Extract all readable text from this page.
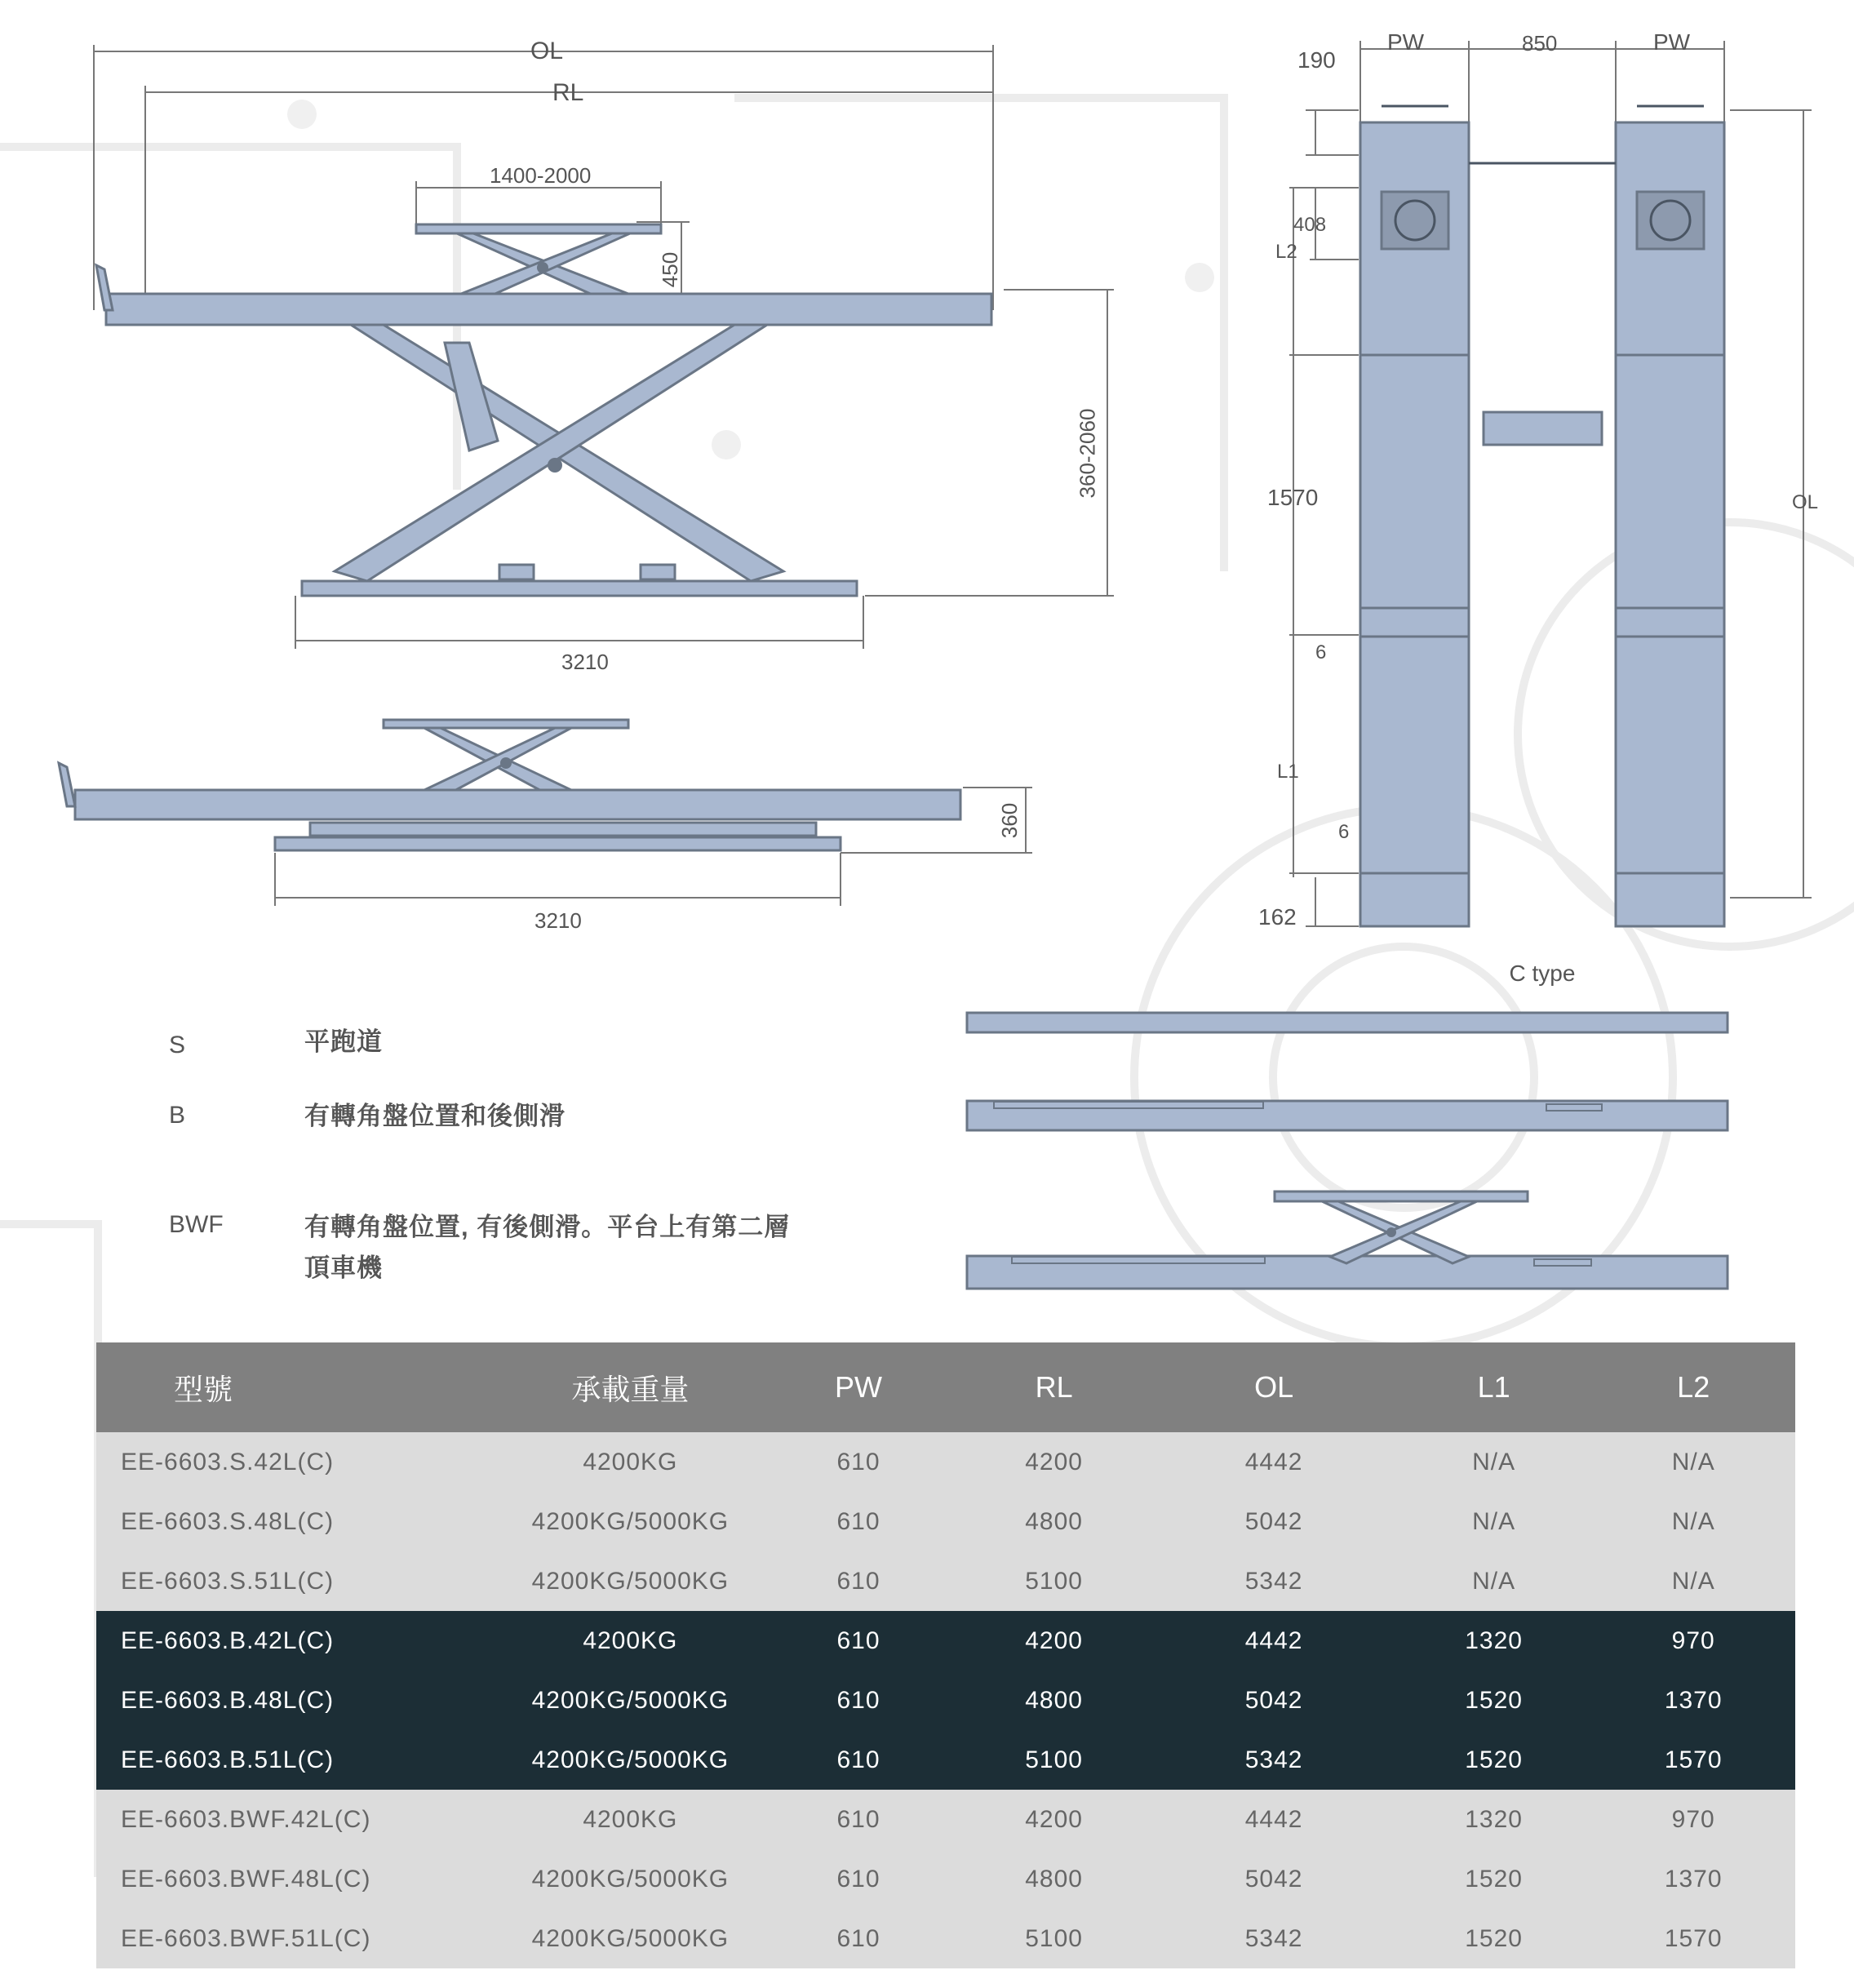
C type
OL
RL
1400-2000
450
360-2060
3210
360
3210
PW	850	PW
190
408
L2
1570	OL
6
L1
6
162
S	平跑道
B	有轉角盤位置和後側滑
BWF	有轉角盤位置, 有後側滑。平台上有第二層
頂車機
型號	承載重量	PW	RL	OL	L1	L2
EE-6603.S.42L(C)	4200KG	610	4200	4442	N/A	N/A
EE-6603.S.48L(C)	4200KG/5000KG	610	4800	5042	N/A	N/A
EE-6603.S.51L(C)	4200KG/5000KG	610	5100	5342	N/A	N/A
EE-6603.B.42L(C)	4200KG	610	4200	4442	1320	970
EE-6603.B.48L(C)	4200KG/5000KG	610	4800	5042	1520	1370
EE-6603.B.51L(C)	4200KG/5000KG	610	5100	5342	1520	1570
EE-6603.BWF.42L(C)	4200KG	610	4200	4442	1320	970
EE-6603.BWF.48L(C)	4200KG/5000KG	610	4800	5042	1520	1370
EE-6603.BWF.51L(C)	4200KG/5000KG	610	5100	5342	1520	1570
